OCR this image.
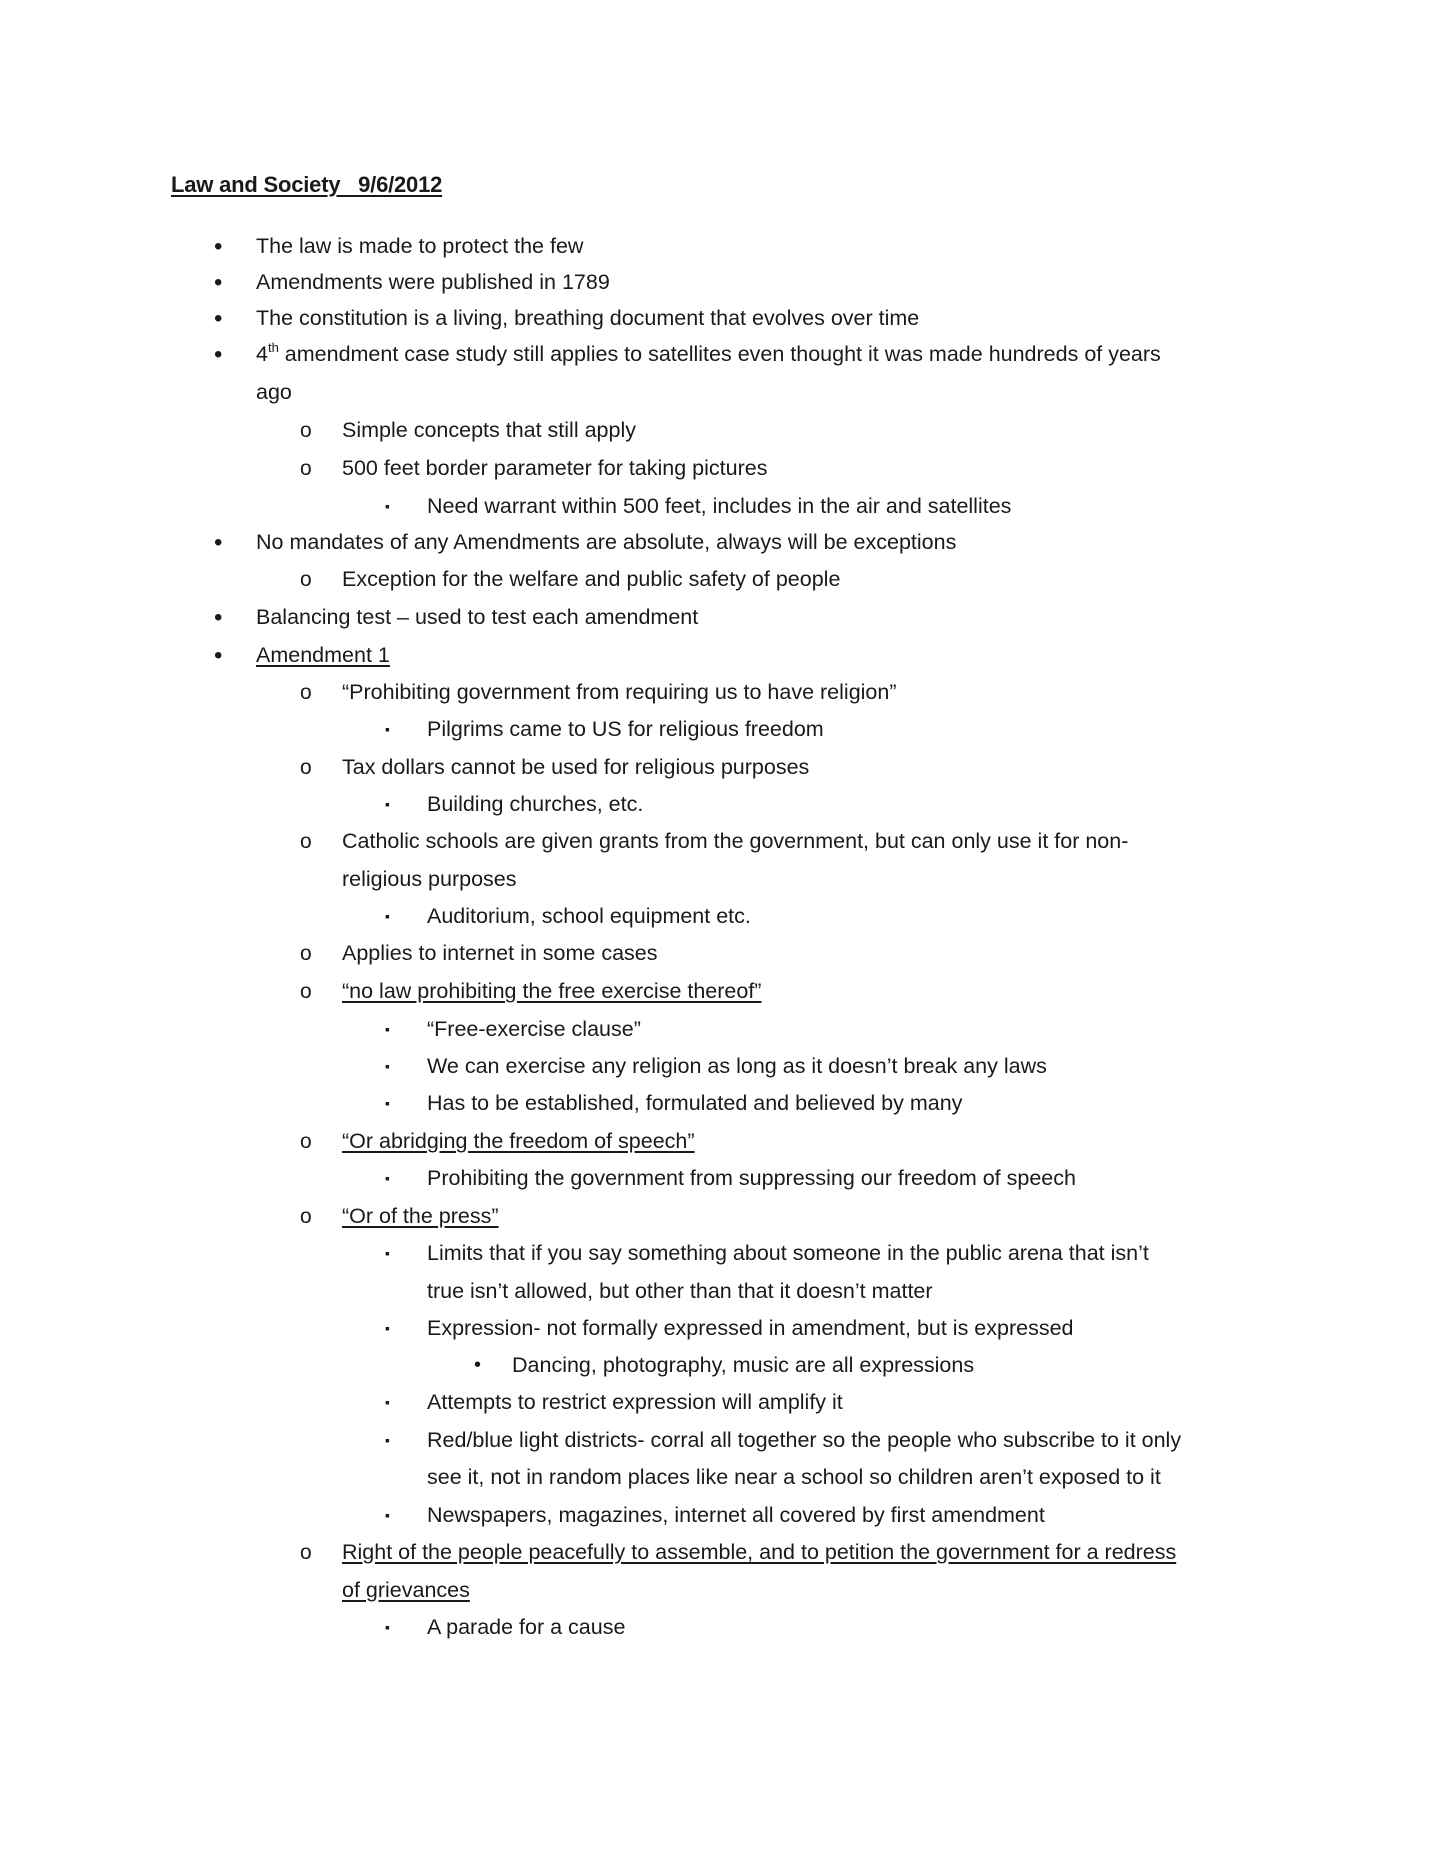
Law and Society   9/6/2012
• The law is made to protect the few
• Amendments were published in 1789
• The constitution is a living, breathing document that evolves over time
• 4th amendment case study still applies to satellites even thought it was made hundreds of years
ago
o Simple concepts that still apply
o 500 feet border parameter for taking pictures
▪ Need warrant within 500 feet, includes in the air and satellites
• No mandates of any Amendments are absolute, always will be exceptions
o Exception for the welfare and public safety of people
• Balancing test – used to test each amendment
• Amendment 1
o “Prohibiting government from requiring us to have religion”
▪ Pilgrims came to US for religious freedom
o Tax dollars cannot be used for religious purposes
▪ Building churches, etc.
o Catholic schools are given grants from the government, but can only use it for non-
religious purposes
▪ Auditorium, school equipment etc.
o Applies to internet in some cases
o “no law prohibiting the free exercise thereof”
▪ “Free-exercise clause”
▪ We can exercise any religion as long as it doesn’t break any laws
▪ Has to be established, formulated and believed by many
o “Or abridging the freedom of speech”
▪ Prohibiting the government from suppressing our freedom of speech
o “Or of the press”
▪ Limits that if you say something about someone in the public arena that isn’t
true isn’t allowed, but other than that it doesn’t matter
▪ Expression- not formally expressed in amendment, but is expressed
• Dancing, photography, music are all expressions
▪ Attempts to restrict expression will amplify it
▪ Red/blue light districts- corral all together so the people who subscribe to it only
see it, not in random places like near a school so children aren’t exposed to it
▪ Newspapers, magazines, internet all covered by first amendment
o Right of the people peacefully to assemble, and to petition the government for a redress
of grievances
▪ A parade for a cause
